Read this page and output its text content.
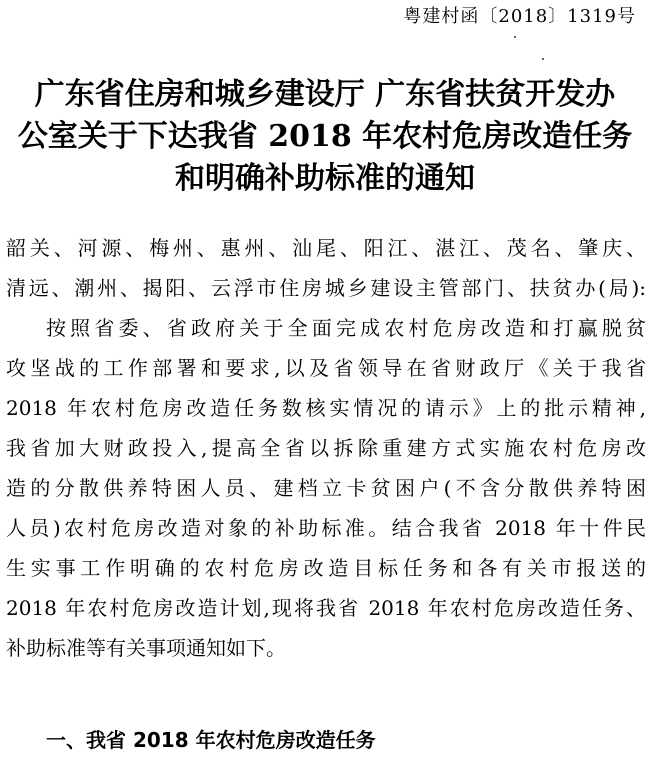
粤建村函〔2018〕1319号
广东省住房和城乡建设厅 广东省扶贫开发办
公室关于下达我省 2018 年农村危房改造任务
和明确补助标准的通知
韶关、河源、梅州、惠州、汕尾、阳江、湛江、茂名、肇庆、
清远、潮州、揭阳、云浮市住房城乡建设主管部门、扶贫办(局):
按照省委、省政府关于全面完成农村危房改造和打赢脱贫
攻坚战的工作部署和要求,以及省领导在省财政厅《关于我省
2018 年农村危房改造任务数核实情况的请示》上的批示精神,
我省加大财政投入,提高全省以拆除重建方式实施农村危房改
造的分散供养特困人员、建档立卡贫困户(不含分散供养特困
人员)农村危房改造对象的补助标准。结合我省 2018 年十件民
生实事工作明确的农村危房改造目标任务和各有关市报送的
2018 年农村危房改造计划,现将我省 2018 年农村危房改造任务、
补助标准等有关事项通知如下。
一、我省 2018 年农村危房改造任务
